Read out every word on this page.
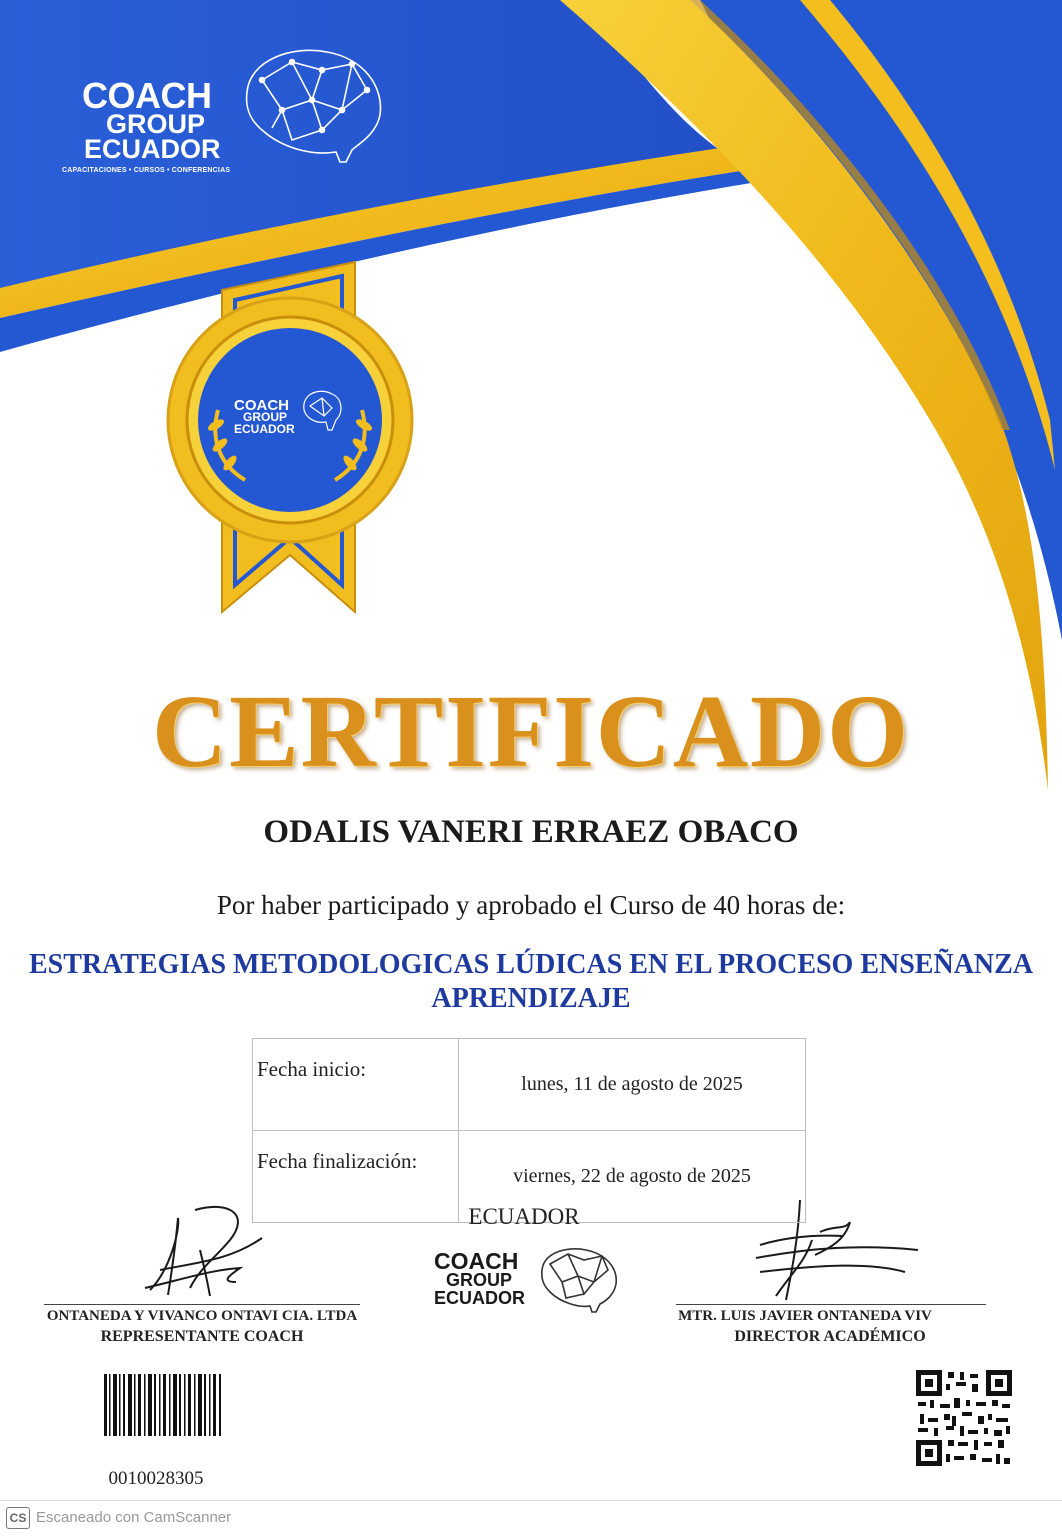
COACH
GROUP
ECUADOR
CAPACITACIONES • CURSOS • CONFERENCIAS
COACH
GROUP
ECUADOR
CERTIFICADO
ODALIS VANERI ERRAEZ OBACO
Por haber participado y aprobado el Curso de 40 horas de:
ESTRATEGIAS METODOLOGICAS LÚDICAS EN EL PROCESO ENSEÑANZA
APRENDIZAJE
Fecha inicio:	lunes, 11 de agosto de 2025
Fecha finalización:	viernes, 22 de agosto de 2025
ONTANEDA Y VIVANCO ONTAVI CIA. LTDA
REPRESENTANTE COACH
MTR. LUIS JAVIER ONTANEDA VIV
DIRECTOR ACADÉMICO
ECUADOR
COACH
GROUP
ECUADOR
0010028305
CS Escaneado con CamScanner
